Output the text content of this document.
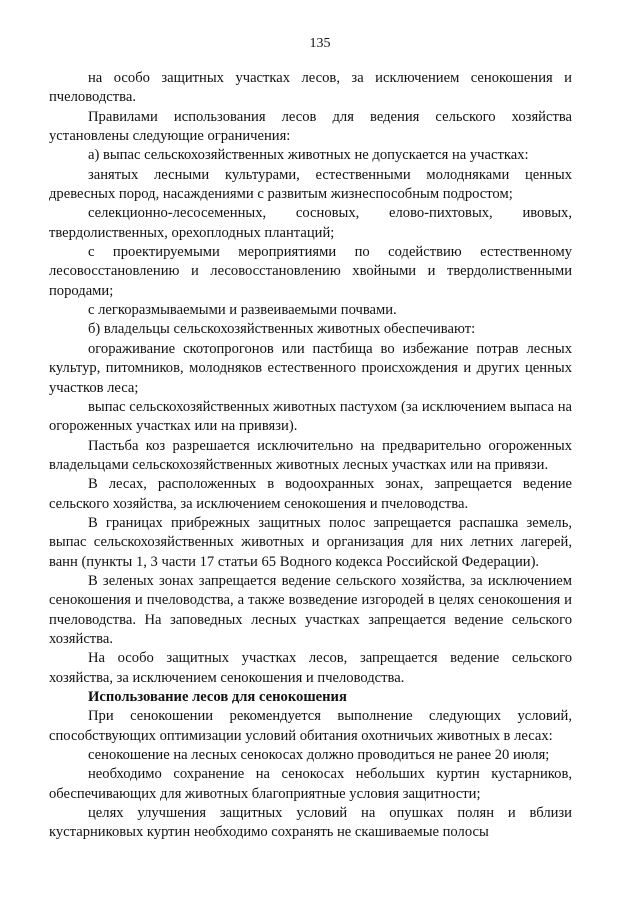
135

на особо защитных участках лесов, за исключением сенокошения и пчеловодства.

Правилами использования лесов для ведения сельского хозяйства установлены следующие ограничения:

а) выпас сельскохозяйственных животных не допускается на участках:

занятых лесными культурами, естественными молодняками ценных древесных пород, насаждениями с развитым жизнеспособным подростом;

селекционно-лесосеменных, сосновых, елово-пихтовых, ивовых, твердолиственных, орехоплодных плантаций;

с проектируемыми мероприятиями по содействию естественному лесовосстановлению и лесовосстановлению хвойными и твердолиственными породами;

с легкоразмываемыми и развеиваемыми почвами.

б) владельцы сельскохозяйственных животных обеспечивают:

огораживание скотопрогонов или пастбища во избежание потрав лесных культур, питомников, молодняков естественного происхождения и других ценных участков леса;

выпас сельскохозяйственных животных пастухом (за исключением выпаса на огороженных участках или на привязи).

Пастьба коз разрешается исключительно на предварительно огороженных владельцами сельскохозяйственных животных лесных участках или на привязи.

В лесах, расположенных в водоохранных зонах, запрещается ведение сельского хозяйства, за исключением сенокошения и пчеловодства.

В границах прибрежных защитных полос запрещается распашка земель, выпас сельскохозяйственных животных и организация для них летних лагерей, ванн (пункты 1, 3 части 17 статьи 65 Водного кодекса Российской Федерации).

В зеленых зонах запрещается ведение сельского хозяйства, за исключением сенокошения и пчеловодства, а также возведение изгородей в целях сенокошения и пчеловодства. На заповедных лесных участках запрещается ведение сельского хозяйства.

На особо защитных участках лесов, запрещается ведение сельского хозяйства, за исключением сенокошения и пчеловодства.

Использование лесов для сенокошения

При сенокошении рекомендуется выполнение следующих условий, способствующих оптимизации условий обитания охотничьих животных в лесах:

сенокошение на лесных сенокосах должно проводиться не ранее 20 июля;

необходимо сохранение на сенокосах небольших куртин кустарников, обеспечивающих для животных благоприятные условия защитности;

целях улучшения защитных условий на опушках полян и вблизи кустарниковых куртин необходимо сохранять не скашиваемые полосы
